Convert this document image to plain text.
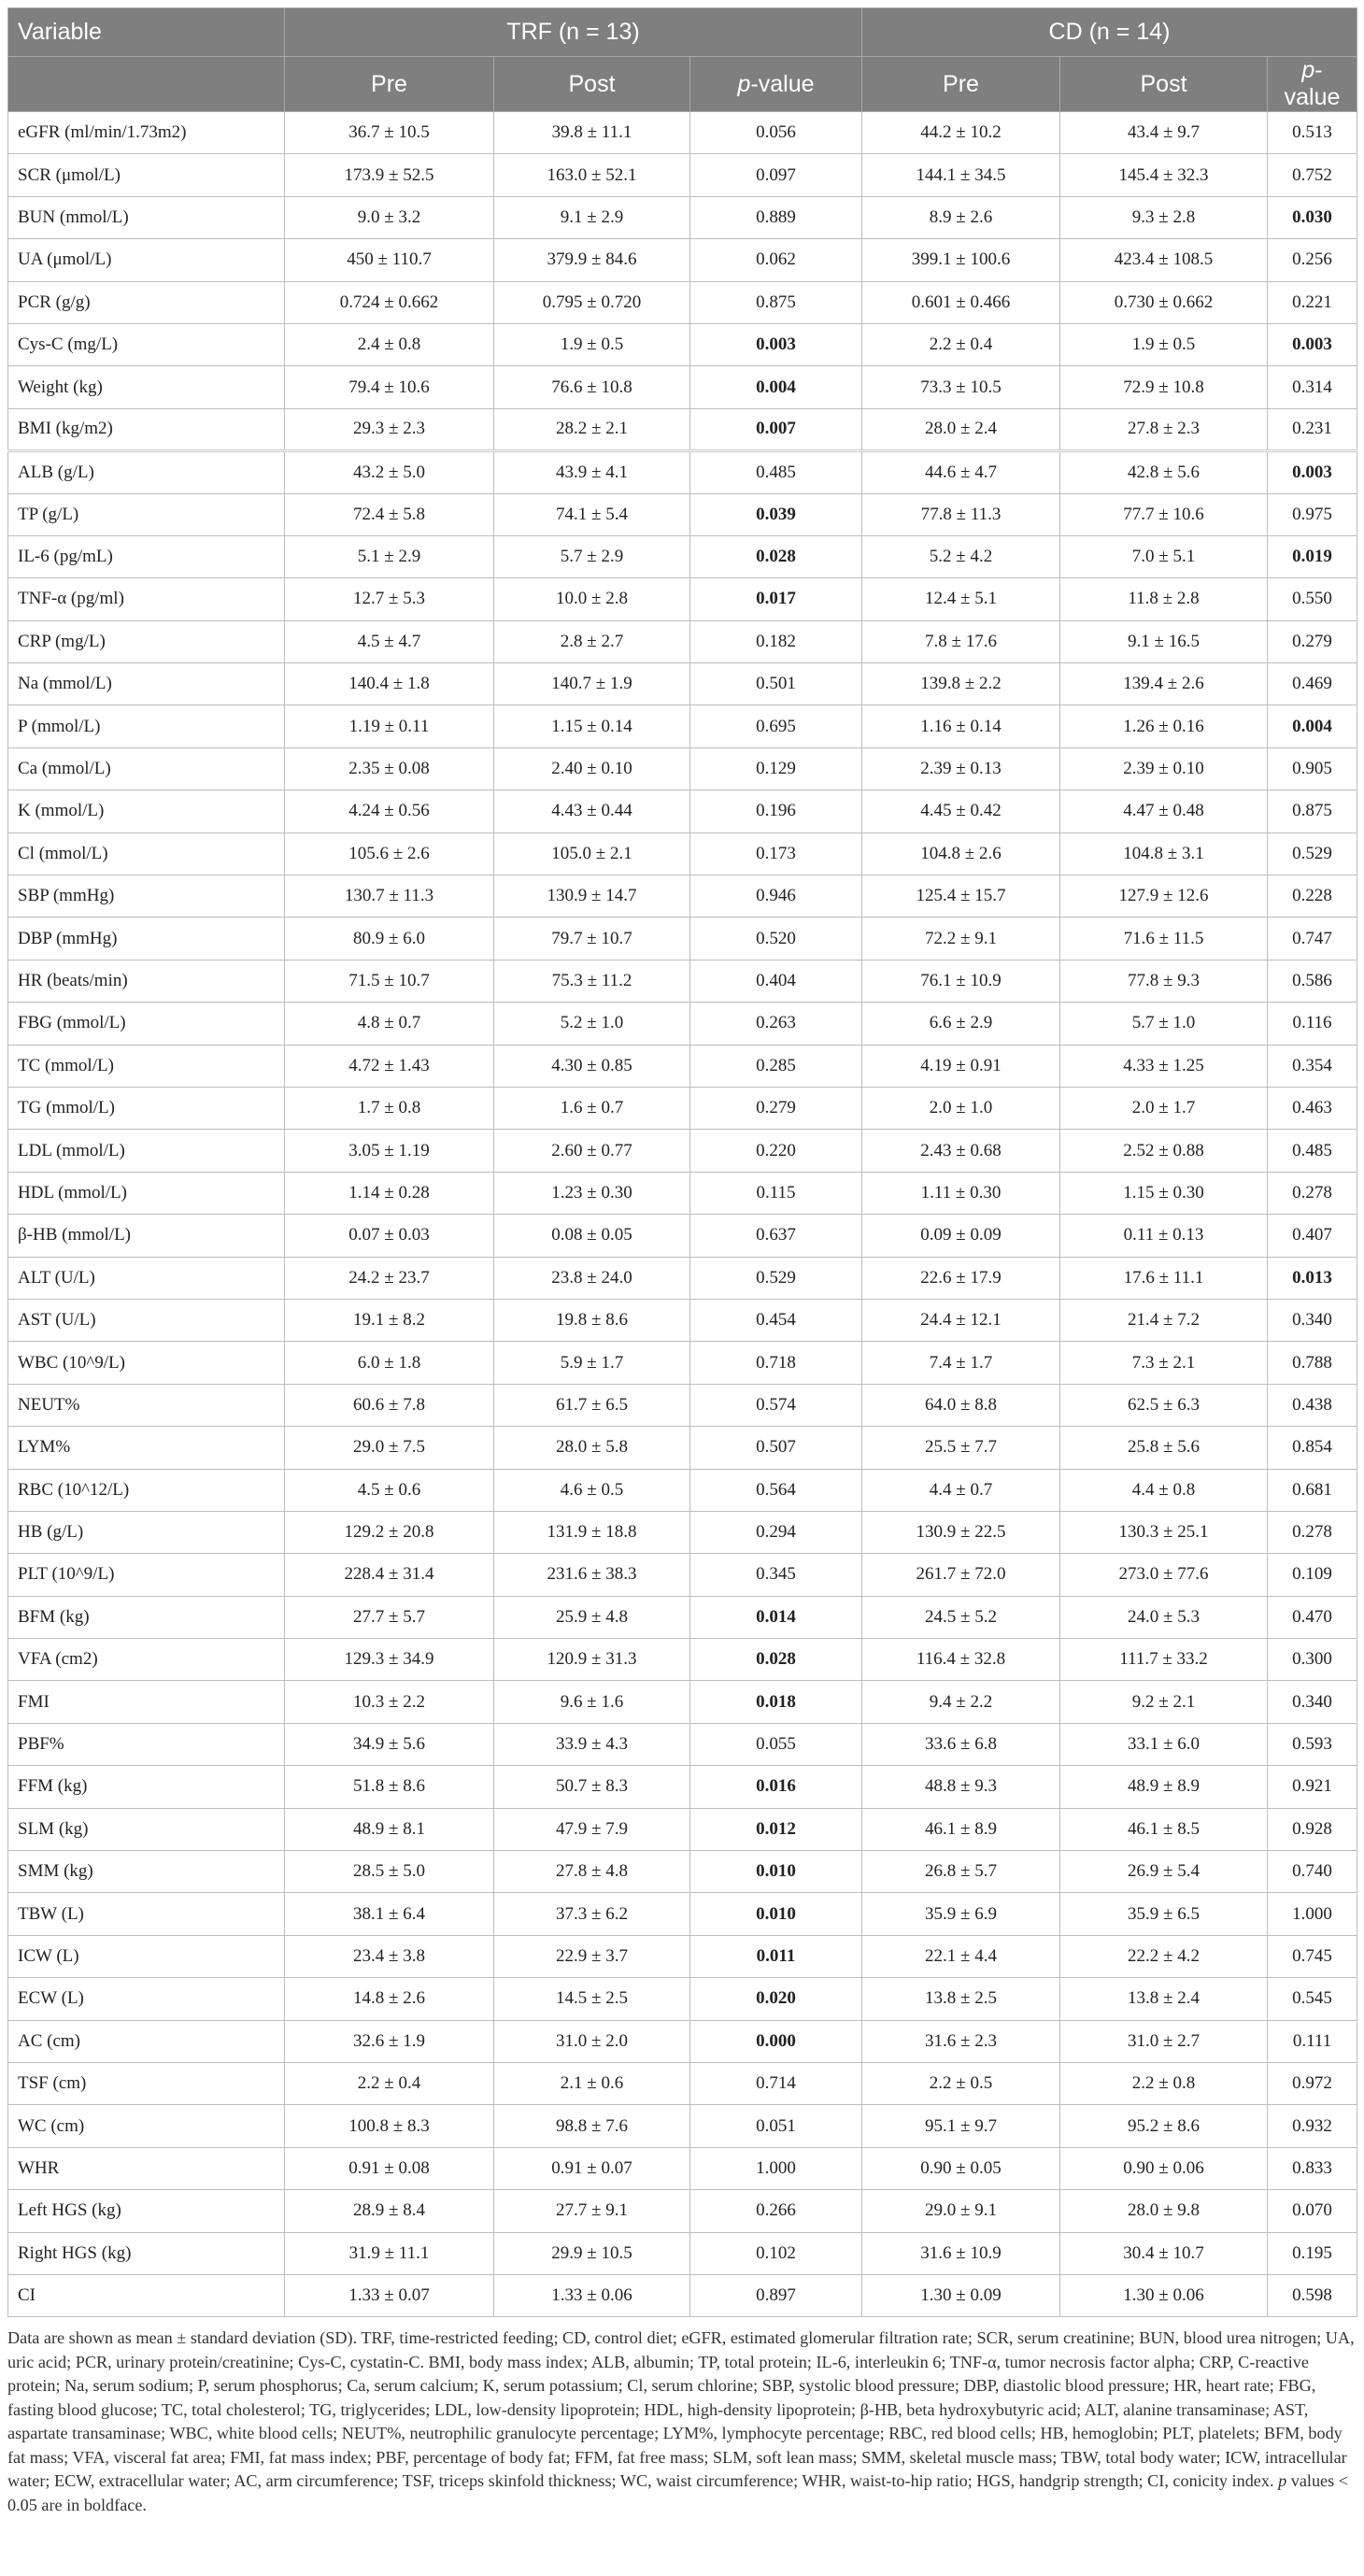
Variable	TRF (n = 13)			CD (n = 14)		
	Pre	Post	p-value	Pre	Post	p-value
eGFR (ml/min/1.73m2)	36.7 ± 10.5	39.8 ± 11.1	0.056	44.2 ± 10.2	43.4 ± 9.7	0.513
SCR (μmol/L)	173.9 ± 52.5	163.0 ± 52.1	0.097	144.1 ± 34.5	145.4 ± 32.3	0.752
BUN (mmol/L)	9.0 ± 3.2	9.1 ± 2.9	0.889	8.9 ± 2.6	9.3 ± 2.8	0.030
UA (μmol/L)	450 ± 110.7	379.9 ± 84.6	0.062	399.1 ± 100.6	423.4 ± 108.5	0.256
PCR (g/g)	0.724 ± 0.662	0.795 ± 0.720	0.875	0.601 ± 0.466	0.730 ± 0.662	0.221
Cys-C (mg/L)	2.4 ± 0.8	1.9 ± 0.5	0.003	2.2 ± 0.4	1.9 ± 0.5	0.003
Weight (kg)	79.4 ± 10.6	76.6 ± 10.8	0.004	73.3 ± 10.5	72.9 ± 10.8	0.314
BMI (kg/m2)	29.3 ± 2.3	28.2 ± 2.1	0.007	28.0 ± 2.4	27.8 ± 2.3	0.231
ALB (g/L)	43.2 ± 5.0	43.9 ± 4.1	0.485	44.6 ± 4.7	42.8 ± 5.6	0.003
TP (g/L)	72.4 ± 5.8	74.1 ± 5.4	0.039	77.8 ± 11.3	77.7 ± 10.6	0.975
IL-6 (pg/mL)	5.1 ± 2.9	5.7 ± 2.9	0.028	5.2 ± 4.2	7.0 ± 5.1	0.019
TNF-α (pg/ml)	12.7 ± 5.3	10.0 ± 2.8	0.017	12.4 ± 5.1	11.8 ± 2.8	0.550
CRP (mg/L)	4.5 ± 4.7	2.8 ± 2.7	0.182	7.8 ± 17.6	9.1 ± 16.5	0.279
Na (mmol/L)	140.4 ± 1.8	140.7 ± 1.9	0.501	139.8 ± 2.2	139.4 ± 2.6	0.469
P (mmol/L)	1.19 ± 0.11	1.15 ± 0.14	0.695	1.16 ± 0.14	1.26 ± 0.16	0.004
Ca (mmol/L)	2.35 ± 0.08	2.40 ± 0.10	0.129	2.39 ± 0.13	2.39 ± 0.10	0.905
K (mmol/L)	4.24 ± 0.56	4.43 ± 0.44	0.196	4.45 ± 0.42	4.47 ± 0.48	0.875
Cl (mmol/L)	105.6 ± 2.6	105.0 ± 2.1	0.173	104.8 ± 2.6	104.8 ± 3.1	0.529
SBP (mmHg)	130.7 ± 11.3	130.9 ± 14.7	0.946	125.4 ± 15.7	127.9 ± 12.6	0.228
DBP (mmHg)	80.9 ± 6.0	79.7 ± 10.7	0.520	72.2 ± 9.1	71.6 ± 11.5	0.747
HR (beats/min)	71.5 ± 10.7	75.3 ± 11.2	0.404	76.1 ± 10.9	77.8 ± 9.3	0.586
FBG (mmol/L)	4.8 ± 0.7	5.2 ± 1.0	0.263	6.6 ± 2.9	5.7 ± 1.0	0.116
TC (mmol/L)	4.72 ± 1.43	4.30 ± 0.85	0.285	4.19 ± 0.91	4.33 ± 1.25	0.354
TG (mmol/L)	1.7 ± 0.8	1.6 ± 0.7	0.279	2.0 ± 1.0	2.0 ± 1.7	0.463
LDL (mmol/L)	3.05 ± 1.19	2.60 ± 0.77	0.220	2.43 ± 0.68	2.52 ± 0.88	0.485
HDL (mmol/L)	1.14 ± 0.28	1.23 ± 0.30	0.115	1.11 ± 0.30	1.15 ± 0.30	0.278
β-HB (mmol/L)	0.07 ± 0.03	0.08 ± 0.05	0.637	0.09 ± 0.09	0.11 ± 0.13	0.407
ALT (U/L)	24.2 ± 23.7	23.8 ± 24.0	0.529	22.6 ± 17.9	17.6 ± 11.1	0.013
AST (U/L)	19.1 ± 8.2	19.8 ± 8.6	0.454	24.4 ± 12.1	21.4 ± 7.2	0.340
WBC (10^9/L)	6.0 ± 1.8	5.9 ± 1.7	0.718	7.4 ± 1.7	7.3 ± 2.1	0.788
NEUT%	60.6 ± 7.8	61.7 ± 6.5	0.574	64.0 ± 8.8	62.5 ± 6.3	0.438
LYM%	29.0 ± 7.5	28.0 ± 5.8	0.507	25.5 ± 7.7	25.8 ± 5.6	0.854
RBC (10^12/L)	4.5 ± 0.6	4.6 ± 0.5	0.564	4.4 ± 0.7	4.4 ± 0.8	0.681
HB (g/L)	129.2 ± 20.8	131.9 ± 18.8	0.294	130.9 ± 22.5	130.3 ± 25.1	0.278
PLT (10^9/L)	228.4 ± 31.4	231.6 ± 38.3	0.345	261.7 ± 72.0	273.0 ± 77.6	0.109
BFM (kg)	27.7 ± 5.7	25.9 ± 4.8	0.014	24.5 ± 5.2	24.0 ± 5.3	0.470
VFA (cm2)	129.3 ± 34.9	120.9 ± 31.3	0.028	116.4 ± 32.8	111.7 ± 33.2	0.300
FMI	10.3 ± 2.2	9.6 ± 1.6	0.018	9.4 ± 2.2	9.2 ± 2.1	0.340
PBF%	34.9 ± 5.6	33.9 ± 4.3	0.055	33.6 ± 6.8	33.1 ± 6.0	0.593
FFM (kg)	51.8 ± 8.6	50.7 ± 8.3	0.016	48.8 ± 9.3	48.9 ± 8.9	0.921
SLM (kg)	48.9 ± 8.1	47.9 ± 7.9	0.012	46.1 ± 8.9	46.1 ± 8.5	0.928
SMM (kg)	28.5 ± 5.0	27.8 ± 4.8	0.010	26.8 ± 5.7	26.9 ± 5.4	0.740
TBW (L)	38.1 ± 6.4	37.3 ± 6.2	0.010	35.9 ± 6.9	35.9 ± 6.5	1.000
ICW (L)	23.4 ± 3.8	22.9 ± 3.7	0.011	22.1 ± 4.4	22.2 ± 4.2	0.745
ECW (L)	14.8 ± 2.6	14.5 ± 2.5	0.020	13.8 ± 2.5	13.8 ± 2.4	0.545
AC (cm)	32.6 ± 1.9	31.0 ± 2.0	0.000	31.6 ± 2.3	31.0 ± 2.7	0.111
TSF (cm)	2.2 ± 0.4	2.1 ± 0.6	0.714	2.2 ± 0.5	2.2 ± 0.8	0.972
WC (cm)	100.8 ± 8.3	98.8 ± 7.6	0.051	95.1 ± 9.7	95.2 ± 8.6	0.932
WHR	0.91 ± 0.08	0.91 ± 0.07	1.000	0.90 ± 0.05	0.90 ± 0.06	0.833
Left HGS (kg)	28.9 ± 8.4	27.7 ± 9.1	0.266	29.0 ± 9.1	28.0 ± 9.8	0.070
Right HGS (kg)	31.9 ± 11.1	29.9 ± 10.5	0.102	31.6 ± 10.9	30.4 ± 10.7	0.195
CI	1.33 ± 0.07	1.33 ± 0.06	0.897	1.30 ± 0.09	1.30 ± 0.06	0.598
Data are shown as mean ± standard deviation (SD). TRF, time-restricted feeding; CD, control diet; eGFR, estimated glomerular filtration rate; SCR, serum creatinine; BUN, blood urea nitrogen; UA, uric acid; PCR, urinary protein/creatinine; Cys-C, cystatin-C. BMI, body mass index; ALB, albumin; TP, total protein; IL-6, interleukin 6; TNF-α, tumor necrosis factor alpha; CRP, C-reactive protein; Na, serum sodium; P, serum phosphorus; Ca, serum calcium; K, serum potassium; Cl, serum chlorine; SBP, systolic blood pressure; DBP, diastolic blood pressure; HR, heart rate; FBG, fasting blood glucose; TC, total cholesterol; TG, triglycerides; LDL, low-density lipoprotein; HDL, high-density lipoprotein; β-HB, beta hydroxybutyric acid; ALT, alanine transaminase; AST, aspartate transaminase; WBC, white blood cells; NEUT%, neutrophilic granulocyte percentage; LYM%, lymphocyte percentage; RBC, red blood cells; HB, hemoglobin; PLT, platelets; BFM, body fat mass; VFA, visceral fat area; FMI, fat mass index; PBF, percentage of body fat; FFM, fat free mass; SLM, soft lean mass; SMM, skeletal muscle mass; TBW, total body water; ICW, intracellular water; ECW, extracellular water; AC, arm circumference; TSF, triceps skinfold thickness; WC, waist circumference; WHR, waist-to-hip ratio; HGS, handgrip strength; CI, conicity index. p values < 0.05 are in boldface.
